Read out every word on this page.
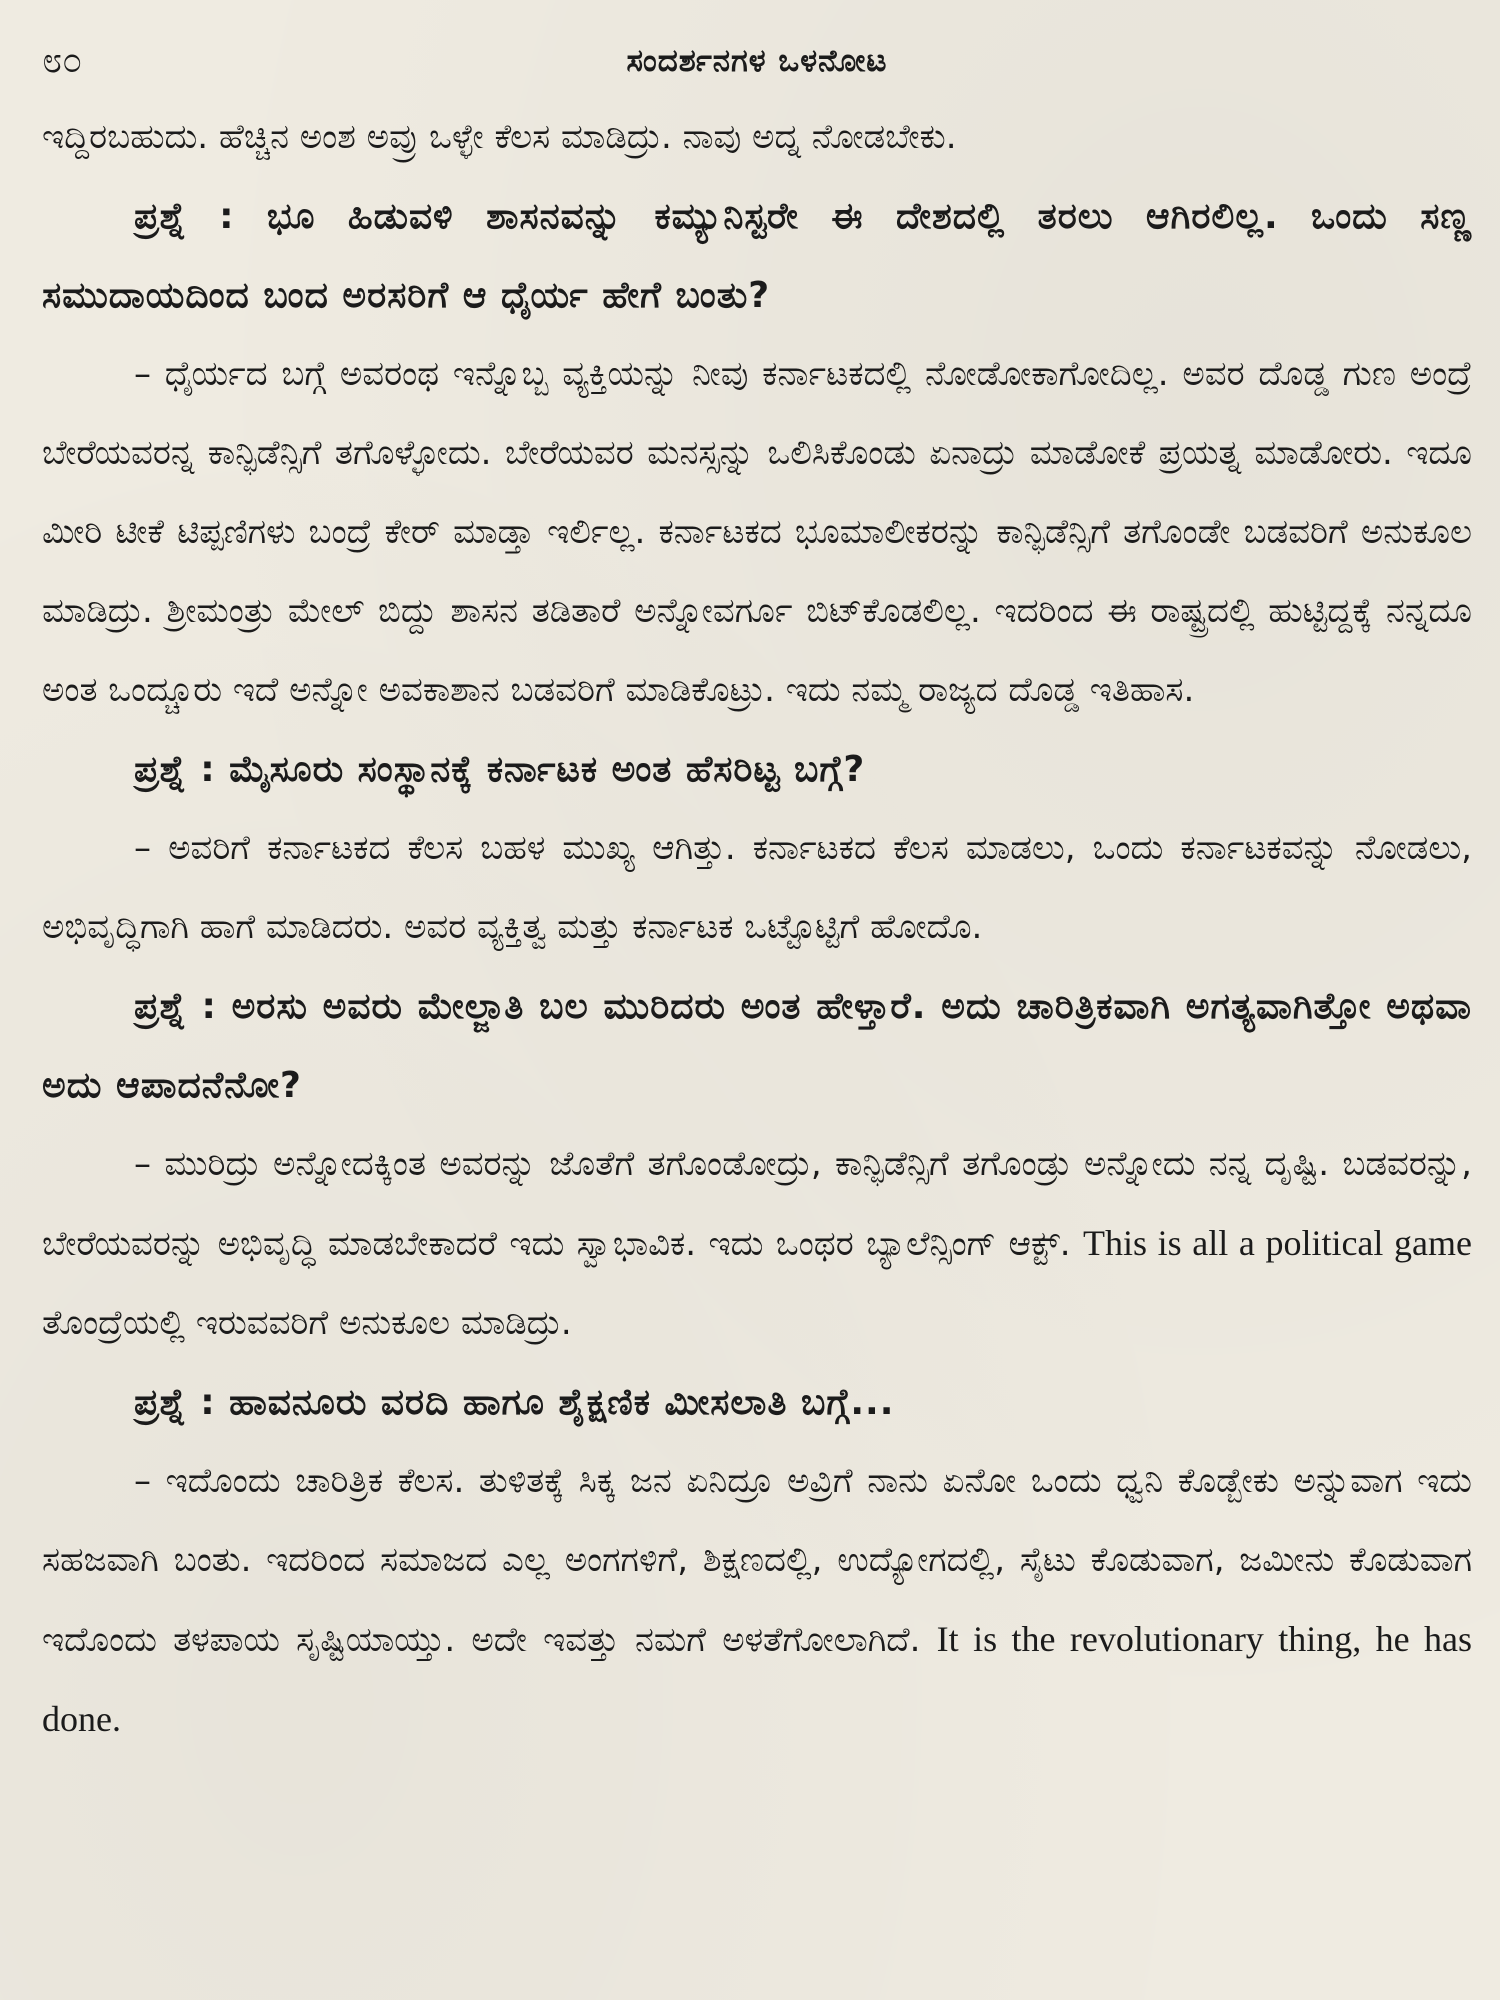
೮೦	ಸಂದರ್ಶನಗಳ ಒಳನೋಟ

ಇದ್ದಿರಬಹುದು. ಹೆಚ್ಚಿನ ಅಂಶ ಅವ್ರು ಒಳ್ಳೇ ಕೆಲಸ ಮಾಡಿದ್ರು. ನಾವು ಅದ್ನ ನೋಡಬೇಕು.

ಪ್ರಶ್ನೆ : ಭೂ ಹಿಡುವಳಿ ಶಾಸನವನ್ನು ಕಮ್ಯುನಿಸ್ಟರೇ ಈ ದೇಶದಲ್ಲಿ ತರಲು ಆಗಿರಲಿಲ್ಲ. ಒಂದು ಸಣ್ಣ ಸಮುದಾಯದಿಂದ ಬಂದ ಅರಸರಿಗೆ ಆ ಧೈರ್ಯ ಹೇಗೆ ಬಂತು?

– ಧೈರ್ಯದ ಬಗ್ಗೆ ಅವರಂಥ ಇನ್ನೊಬ್ಬ ವ್ಯಕ್ತಿಯನ್ನು ನೀವು ಕರ್ನಾಟಕದಲ್ಲಿ ನೋಡೋಕಾಗೋದಿಲ್ಲ. ಅವರ ದೊಡ್ಡ ಗುಣ ಅಂದ್ರೆ ಬೇರೆಯವರನ್ನ ಕಾನ್ಫಿಡೆನ್ಸಿಗೆ ತಗೊಳ್ಳೋದು. ಬೇರೆಯವರ ಮನಸ್ಸನ್ನು ಒಲಿಸಿಕೊಂಡು ಏನಾದ್ರು ಮಾಡೋಕೆ ಪ್ರಯತ್ನ ಮಾಡೋರು. ಇದೂ ಮೀರಿ ಟೀಕೆ ಟಿಪ್ಪಣಿಗಳು ಬಂದ್ರೆ ಕೇರ್ ಮಾಡ್ತಾ ಇರ್ಲಿಲ್ಲ. ಕರ್ನಾಟಕದ ಭೂಮಾಲೀಕರನ್ನು ಕಾನ್ಫಿಡೆನ್ಸಿಗೆ ತಗೊಂಡೇ ಬಡವರಿಗೆ ಅನುಕೂಲ ಮಾಡಿದ್ರು. ಶ್ರೀಮಂತ್ರು ಮೇಲ್ ಬಿದ್ದು ಶಾಸನ ತಡಿತಾರೆ ಅನ್ನೋವರ್ಗೂ ಬಿಟ್‌ಕೊಡಲಿಲ್ಲ. ಇದರಿಂದ ಈ ರಾಷ್ಟ್ರದಲ್ಲಿ ಹುಟ್ಟಿದ್ದಕ್ಕೆ ನನ್ನದೂ ಅಂತ ಒಂದ್ಚೂರು ಇದೆ ಅನ್ನೋ ಅವಕಾಶಾನ ಬಡವರಿಗೆ ಮಾಡಿಕೊಟ್ರು. ಇದು ನಮ್ಮ ರಾಜ್ಯದ ದೊಡ್ಡ ಇತಿಹಾಸ.

ಪ್ರಶ್ನೆ : ಮೈಸೂರು ಸಂಸ್ಥಾನಕ್ಕೆ ಕರ್ನಾಟಕ ಅಂತ ಹೆಸರಿಟ್ಟ ಬಗ್ಗೆ?

– ಅವರಿಗೆ ಕರ್ನಾಟಕದ ಕೆಲಸ ಬಹಳ ಮುಖ್ಯ ಆಗಿತ್ತು. ಕರ್ನಾಟಕದ ಕೆಲಸ ಮಾಡಲು, ಒಂದು ಕರ್ನಾಟಕವನ್ನು ನೋಡಲು, ಅಭಿವೃದ್ಧಿಗಾಗಿ ಹಾಗೆ ಮಾಡಿದರು. ಅವರ ವ್ಯಕ್ತಿತ್ವ ಮತ್ತು ಕರ್ನಾಟಕ ಒಟ್ಟೊಟ್ಟಿಗೆ ಹೋದೊ.

ಪ್ರಶ್ನೆ : ಅರಸು ಅವರು ಮೇಲ್ಜಾತಿ ಬಲ ಮುರಿದರು ಅಂತ ಹೇಳ್ತಾರೆ. ಅದು ಚಾರಿತ್ರಿಕವಾಗಿ ಅಗತ್ಯವಾಗಿತ್ತೋ ಅಥವಾ ಅದು ಆಪಾದನೆನೋ?

– ಮುರಿದ್ರು ಅನ್ನೋದಕ್ಕಿಂತ ಅವರನ್ನು ಜೊತೆಗೆ ತಗೊಂಡೋದ್ರು, ಕಾನ್ಫಿಡೆನ್ಸಿಗೆ ತಗೊಂಡ್ರು ಅನ್ನೋದು ನನ್ನ ದೃಷ್ಟಿ. ಬಡವರನ್ನು, ಬೇರೆಯವರನ್ನು ಅಭಿವೃದ್ಧಿ ಮಾಡಬೇಕಾದರೆ ಇದು ಸ್ವಾಭಾವಿಕ. ಇದು ಒಂಥರ ಬ್ಯಾಲೆನ್ಸಿಂಗ್ ಆಕ್ಟ್. This is all a political game ತೊಂದ್ರೆಯಲ್ಲಿ ಇರುವವರಿಗೆ ಅನುಕೂಲ ಮಾಡಿದ್ರು.

ಪ್ರಶ್ನೆ : ಹಾವನೂರು ವರದಿ ಹಾಗೂ ಶೈಕ್ಷಣಿಕ ಮೀಸಲಾತಿ ಬಗ್ಗೆ...

– ಇದೊಂದು ಚಾರಿತ್ರಿಕ ಕೆಲಸ. ತುಳಿತಕ್ಕೆ ಸಿಕ್ಕ ಜನ ಏನಿದ್ರೂ ಅವ್ರಿಗೆ ನಾನು ಏನೋ ಒಂದು ಧ್ವನಿ ಕೊಡ್ಬೇಕು ಅನ್ನುವಾಗ ಇದು ಸಹಜವಾಗಿ ಬಂತು. ಇದರಿಂದ ಸಮಾಜದ ಎಲ್ಲ ಅಂಗಗಳಿಗೆ, ಶಿಕ್ಷಣದಲ್ಲಿ, ಉದ್ಯೋಗದಲ್ಲಿ, ಸೈಟು ಕೊಡುವಾಗ, ಜಮೀನು ಕೊಡುವಾಗ ಇದೊಂದು ತಳಪಾಯ ಸೃಷ್ಟಿಯಾಯ್ತು. ಅದೇ ಇವತ್ತು ನಮಗೆ ಅಳತೆಗೋಲಾಗಿದೆ. It is the revolutionary thing, he has done.
